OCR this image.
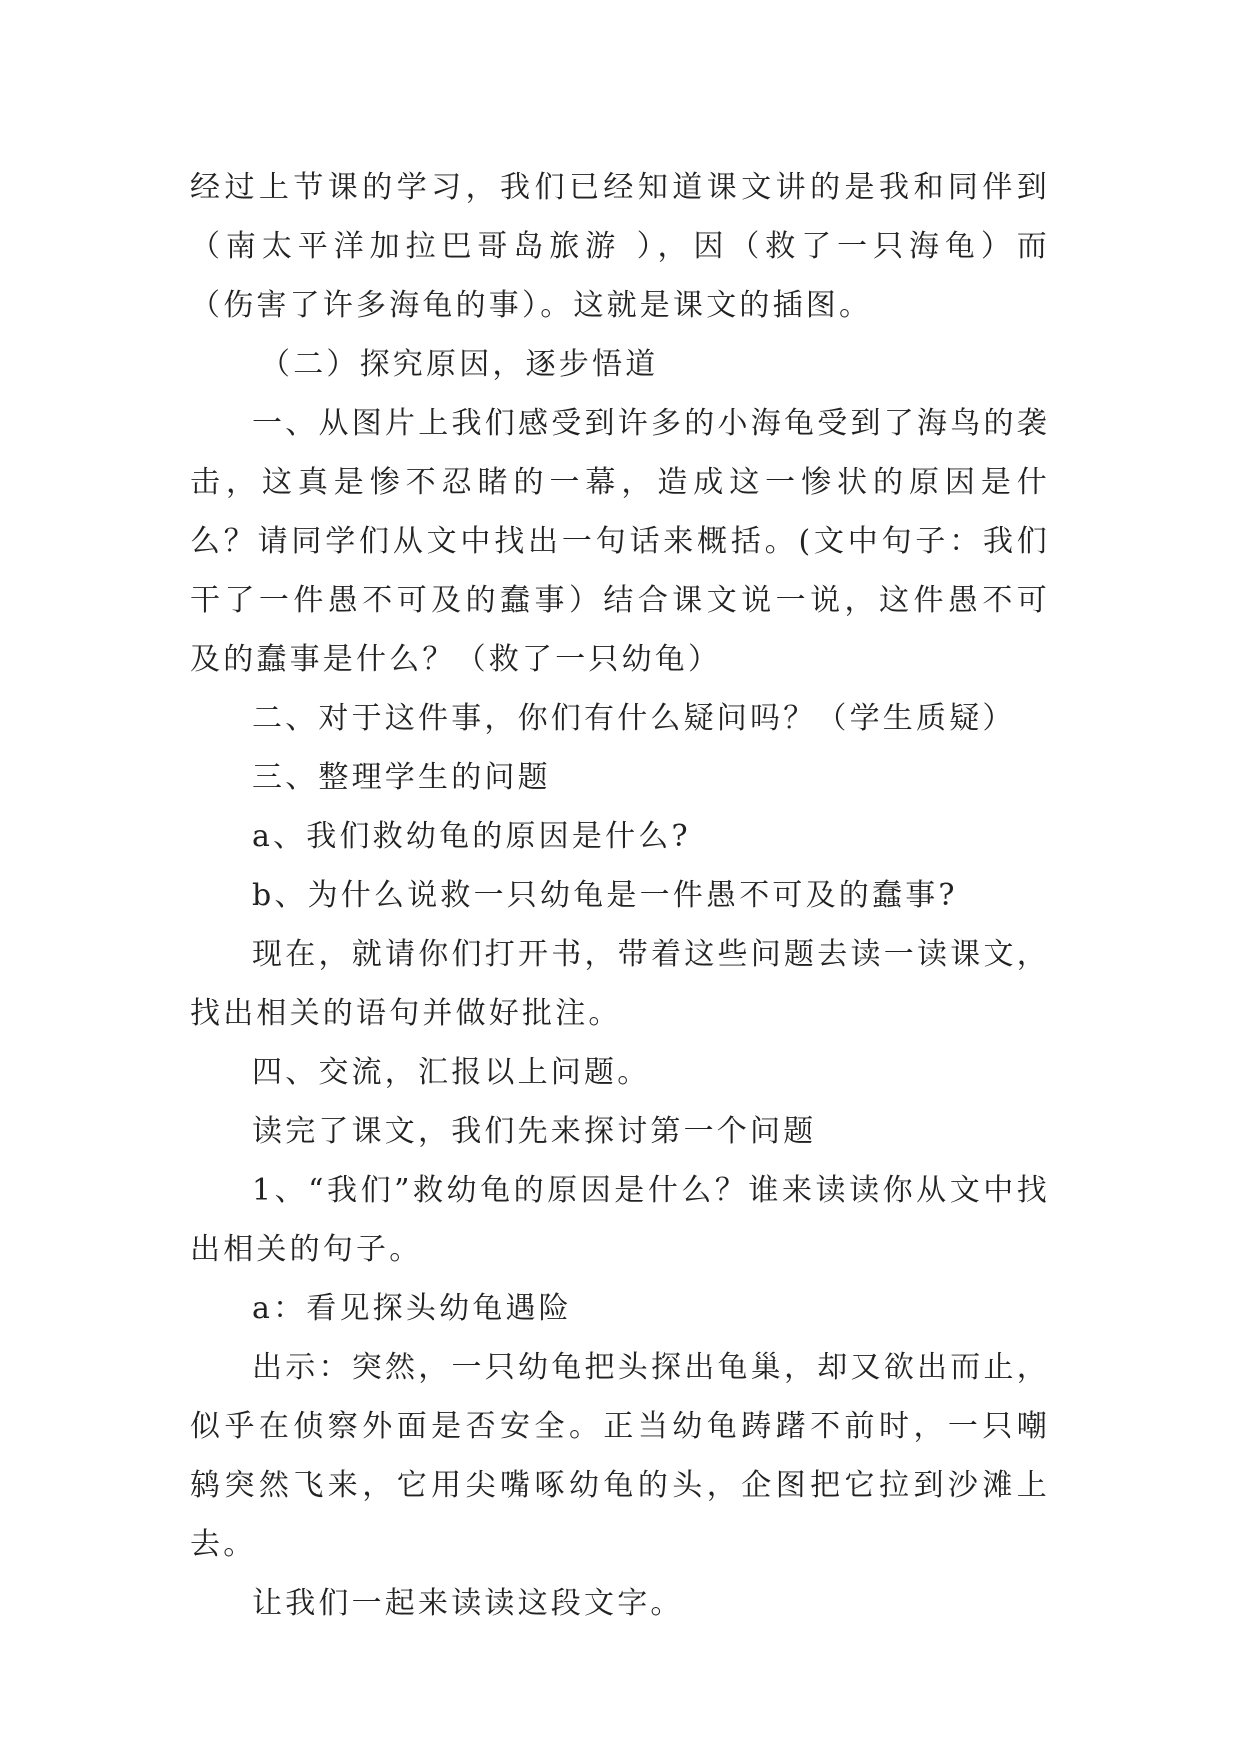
经过上节课的学习，我们已经知道课文讲的是我和同伴到（南太平洋加拉巴哥岛旅游 ），因（救了一只海龟）而（伤害了许多海龟的事）。这就是课文的插图。

（二）探究原因，逐步悟道

一、从图片上我们感受到许多的小海龟受到了海鸟的袭击，这真是惨不忍睹的一幕，造成这一惨状的原因是什么？请同学们从文中找出一句话来概括。(文中句子：我们干了一件愚不可及的蠢事）结合课文说一说，这件愚不可及的蠢事是什么？（救了一只幼龟）

二、对于这件事，你们有什么疑问吗？（学生质疑）

三、整理学生的问题

a、我们救幼龟的原因是什么?

b、为什么说救一只幼龟是一件愚不可及的蠢事?

现在，就请你们打开书，带着这些问题去读一读课文，找出相关的语句并做好批注。

四、交流，汇报以上问题。

读完了课文，我们先来探讨第一个问题

1、“我们”救幼龟的原因是什么？谁来读读你从文中找出相关的句子。

a：看见探头幼龟遇险

出示：突然，一只幼龟把头探出龟巢，却又欲出而止，似乎在侦察外面是否安全。正当幼龟踌躇不前时，一只嘲鸫突然飞来，它用尖嘴啄幼龟的头，企图把它拉到沙滩上去。

让我们一起来读读这段文字。
